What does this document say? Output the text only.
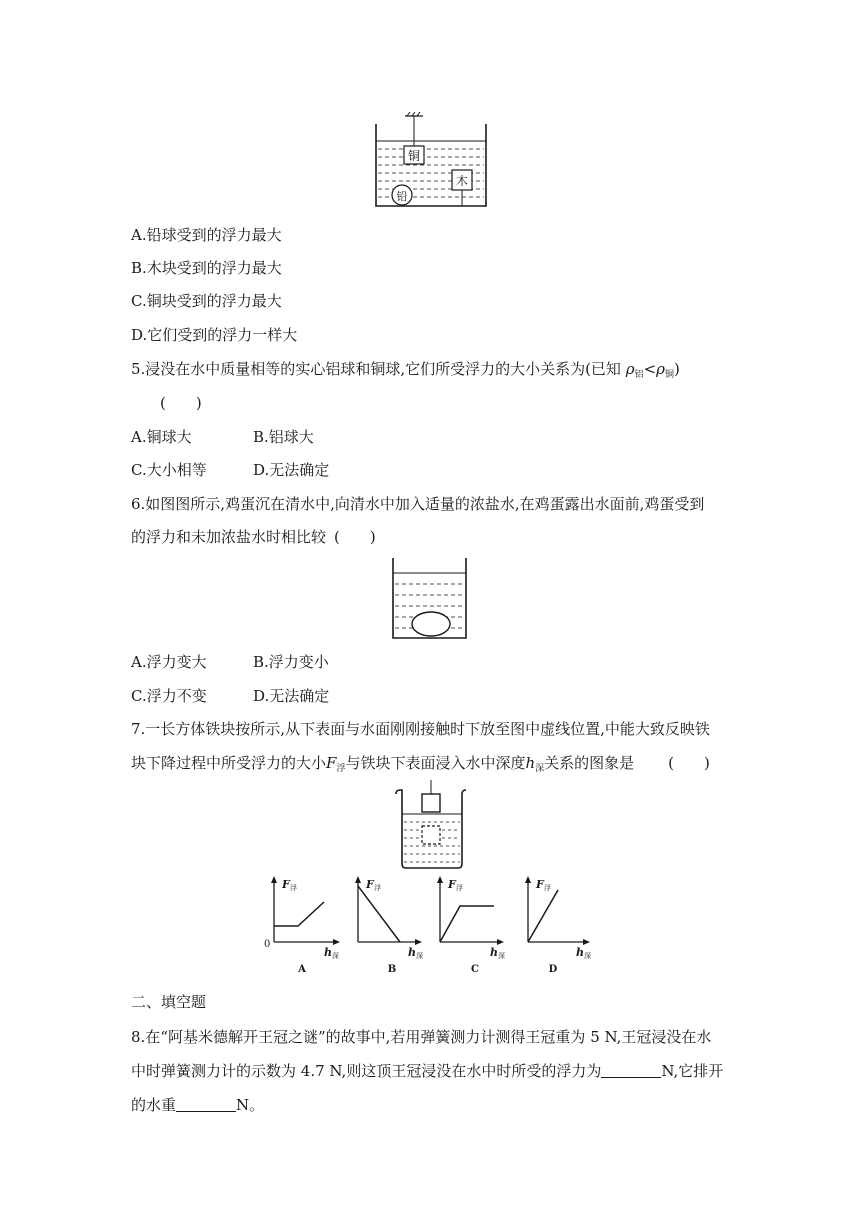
铜
木
铅
A.铅球受到的浮力最大
B.木块受到的浮力最大
C.铜块受到的浮力最大
D.它们受到的浮力一样大
5.浸没在水中质量相等的实心铝球和铜球,它们所受浮力的大小关系为(已知 $\rho_铝<\rho_铜$)
(　　)
A.铜球大	B.铝球大
C.大小相等	D.无法确定
6.如图图所示,鸡蛋沉在清水中,向清水中加入适量的浓盐水,在鸡蛋露出水面前,鸡蛋受到
的浮力和未加浓盐水时相比较 (　　)
A.浮力变大	B.浮力变小
C.浮力不变	D.无法确定
7.一长方体铁块按所示,从下表面与水面刚刚接触时下放至图中虚线位置,中能大致反映铁
块下降过程中所受浮力的大小$F_浮$与铁块下表面浸入水中深度$h_深$关系的图象是 (　　)
F 浮
0
h 深
A
F 浮
h 深
B
F 浮
h 深
C
F 浮
h 深
D
二、填空题
8.在“阿基米德解开王冠之谜”的故事中,若用弹簧测力计测得王冠重为 5 N,王冠浸没在水
中时弹簧测力计的示数为 4.7 N,则这顶王冠浸没在水中时所受的浮力为	N,它排开
的水重	N。
